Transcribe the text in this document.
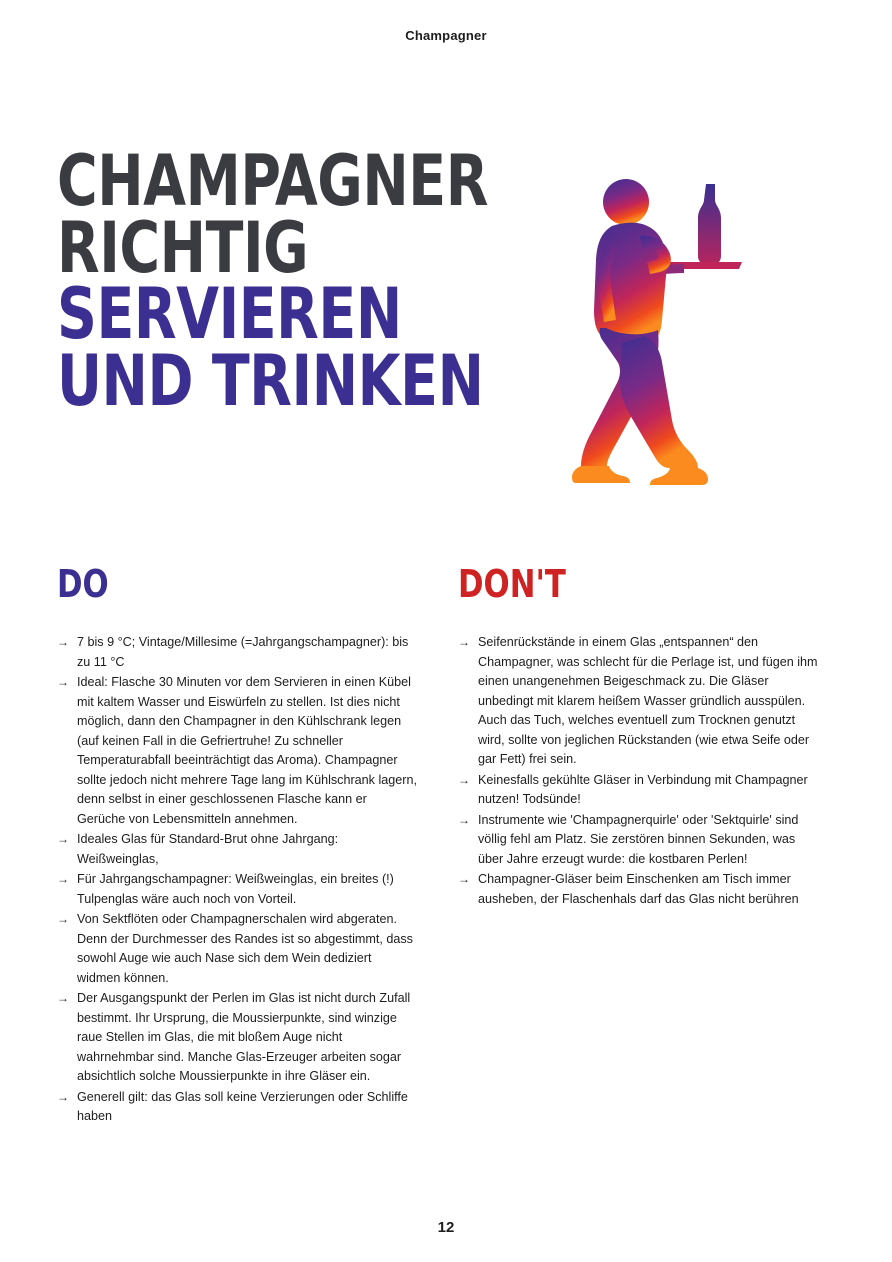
Champagner
CHAMPAGNER
RICHTIG
SERVIEREN
UND TRINKEN
DO
→ 7 bis 9 °C; Vintage/Millesime (=Jahrgangschampagner): bis zu 11 °C
→ Ideal: Flasche 30 Minuten vor dem Servieren in einen Kübel mit kaltem Wasser und Eiswürfeln zu stellen. Ist dies nicht möglich, dann den Champagner in den Kühlschrank legen (auf keinen Fall in die Gefriertruhe! Zu schneller Temperaturabfall beeinträchtigt das Aroma). Champagner sollte jedoch nicht mehrere Tage lang im Kühlschrank lagern, denn selbst in einer geschlossenen Flasche kann er Gerüche von Lebensmitteln annehmen.
→ Ideales Glas für Standard-Brut ohne Jahrgang: Weißweinglas,
→ Für Jahrgangschampagner: Weißweinglas, ein breites (!) Tulpenglas wäre auch noch von Vorteil.
→ Von Sektflöten oder Champagnerschalen wird abgeraten. Denn der Durchmesser des Randes ist so abgestimmt, dass sowohl Auge wie auch Nase sich dem Wein dediziert widmen können.
→ Der Ausgangspunkt der Perlen im Glas ist nicht durch Zufall bestimmt. Ihr Ursprung, die Moussierpunkte, sind winzige raue Stellen im Glas, die mit bloßem Auge nicht wahrnehmbar sind. Manche Glas-Erzeuger arbeiten sogar absichtlich solche Moussierpunkte in ihre Gläser ein.
→ Generell gilt: das Glas soll keine Verzierungen oder Schliffe haben
DON'T
→ Seifenrückstände in einem Glas „entspannen“ den Champagner, was schlecht für die Perlage ist, und fügen ihm einen unangenehmen Beigeschmack zu. Die Gläser unbedingt mit klarem heißem Wasser gründlich ausspülen. Auch das Tuch, welches eventuell zum Trocknen genutzt wird, sollte von jeglichen Rückstanden (wie etwa Seife oder gar Fett) frei sein.
→ Keinesfalls gekühlte Gläser in Verbindung mit Champagner nutzen! Todsünde!
→ Instrumente wie 'Champagnerquirle' oder 'Sektquirle' sind völlig fehl am Platz. Sie zerstören binnen Sekunden, was über Jahre erzeugt wurde: die kostbaren Perlen!
→ Champagner-Gläser beim Einschenken am Tisch immer ausheben, der Flaschenhals darf das Glas nicht berühren
12
